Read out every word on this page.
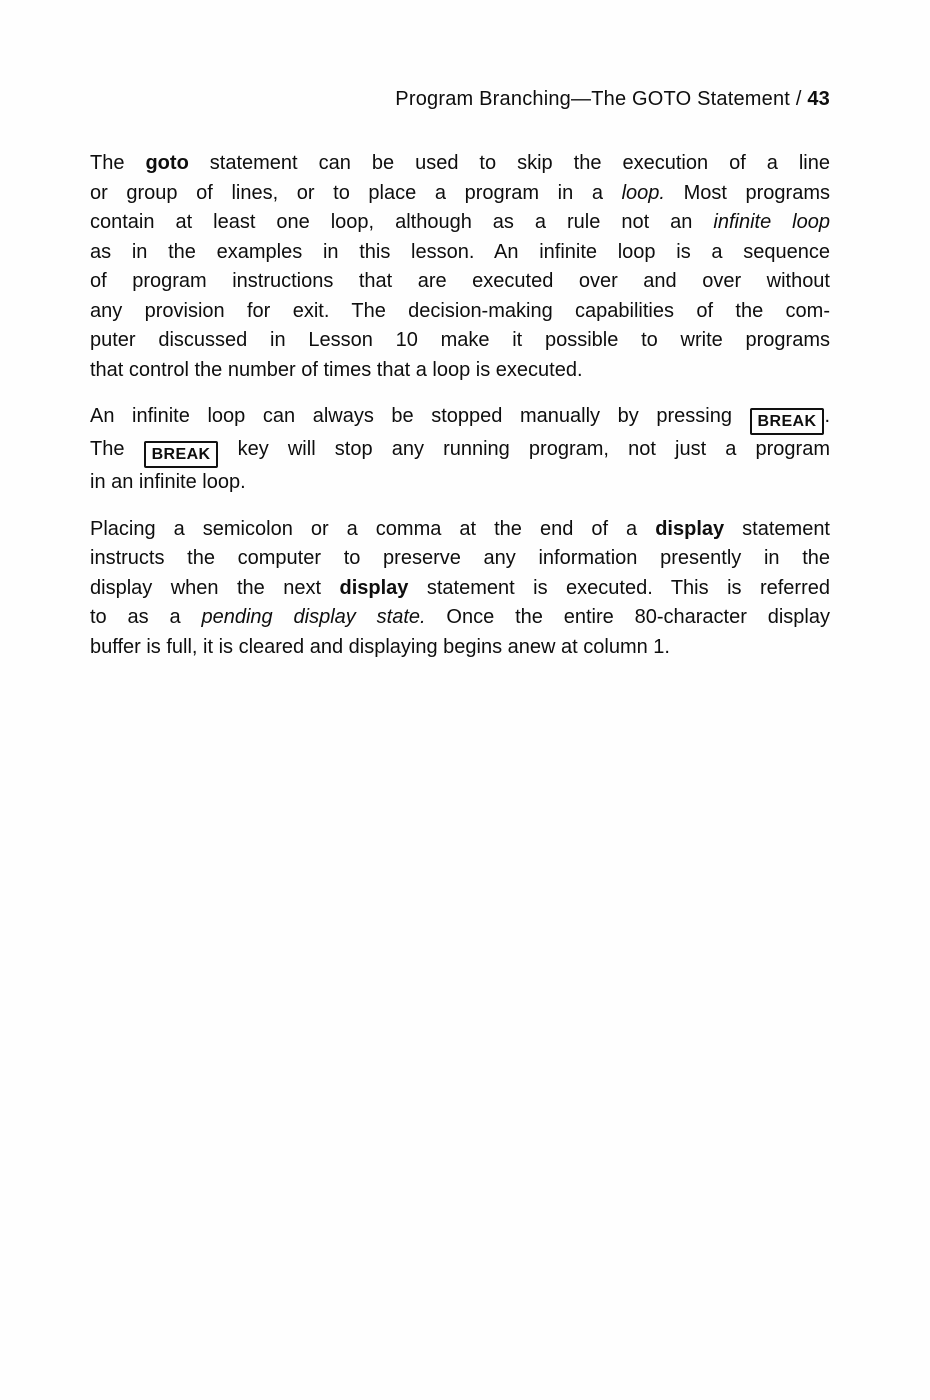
Program Branching—The GOTO Statement / 43
The goto statement can be used to skip the execution of a line
or group of lines, or to place a program in a loop. Most programs
contain at least one loop, although as a rule not an infinite loop
as in the examples in this lesson. An infinite loop is a sequence
of program instructions that are executed over and over without
any provision for exit. The decision-making capabilities of the com-
puter discussed in Lesson 10 make it possible to write programs
that control the number of times that a loop is executed.
An infinite loop can always be stopped manually by pressing BREAK .
The BREAK key will stop any running program, not just a program
in an infinite loop.
Placing a semicolon or a comma at the end of a display statement
instructs the computer to preserve any information presently in the
display when the next display statement is executed. This is referred
to as a pending display state. Once the entire 80-character display
buffer is full, it is cleared and displaying begins anew at column 1.
